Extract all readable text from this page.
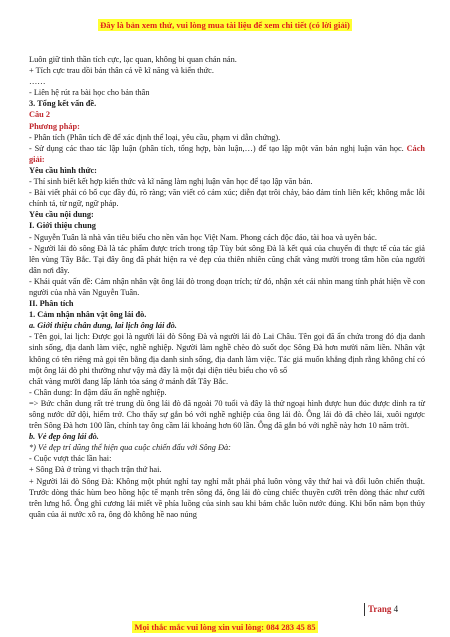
Đây là bản xem thử, vui lòng mua tài liệu để xem chi tiết (có lời giải)

Luôn giữ tinh thần tích cực, lạc quan, không bi quan chán nản.

+ Tích cực trau dồi bản thân cả về kĩ năng và kiến thức.

……

- Liên hệ rút ra bài học cho bản thân

3. Tổng kết vấn đề.

Câu 2

Phương pháp:

- Phân tích (Phân tích đề để xác định thể loại, yêu cầu, phạm vi dẫn chứng).

- Sử dụng các thao tác lập luận (phân tích, tổng hợp, bàn luận,…) để tạo lập một văn bản nghị luận văn học. Cách giải:

Yêu cầu hình thức:

- Thí sinh biết kết hợp kiến thức và kĩ năng làm nghị luận văn học để tạo lập văn bản.

- Bài viết phải có bố cục đầy đủ, rõ ràng; văn viết có cảm xúc; diễn đạt trôi chảy, bảo đảm tính liên kết; không mắc lỗi chính tả, từ ngữ, ngữ pháp.

Yêu cầu nội dung:

I. Giới thiệu chung

- Nguyễn Tuân là nhà văn tiêu biểu cho nền văn học Việt Nam. Phong cách độc đáo, tài hoa và uyên bác.

- Người lái đò sông Đà là tác phẩm được trích trong tập Tùy bút sông Đà là kết quả của chuyến đi thực tế của tác giả lên vùng Tây Bắc. Tại đây ông đã phát hiện ra vẻ đẹp của thiên nhiên cũng chất vàng mười trong tâm hồn của người dân nơi đây.

- Khái quát vấn đề: Cảm nhận nhân vật ông lái đò trong đoạn trích; từ đó, nhận xét cái nhìn mang tính phát hiện về con người của nhà văn Nguyễn Tuân.

II. Phân tích

1. Cảm nhận nhân vật ông lái đò.

a. Giới thiệu chân dung, lai lịch ông lái đò.

- Tên gọi, lai lịch: Được gọi là người lái đò Sông Đà và người lái đò Lai Châu. Tên gọi đã ẩn chứa trong đó địa danh sinh sống, địa danh làm việc, nghề nghiệp. Người làm nghề chèo đò suốt dọc Sông Đà hơn mười năm liền. Nhân vật không có tên riêng mà gọi tên bằng địa danh sinh sống, địa danh làm việc. Tác giả muốn khẳng định rằng không chỉ có một ông lái đò phi thường như vậy mà đây là một đại diện tiêu biểu cho vô số

chất vàng mười đang lấp lánh tỏa sáng ở mảnh đất Tây Bắc.

- Chân dung: In đậm dấu ấn nghề nghiệp.

=> Bức chân dung rất trẻ trung dù ông lái đò đã ngoài 70 tuổi và đây là thử ngoại hình được hun đúc được dinh ra từ sông nước dữ dội, hiểm trở. Cho thấy sự gắn bó với nghề nghiệp của ông lái đò. Ông lái đò đã chèo lái, xuôi ngược trên Sông Đà hơn 100 lần, chính tay ông cầm lái khoảng hơn 60 lần. Ông đã gắn bó với nghề này hơn 10 năm trời.

b. Vẻ đẹp ông lái đò.

*) Vẻ đẹp trí dũng thể hiện qua cuộc chiến đấu với Sông Đà:

- Cuộc vượt thác lần hai:

+ Sông Đà ở trùng vi thạch trận thứ hai.

+ Người lái đò Sông Đà: Không một phút nghỉ tay nghỉ mắt phải phá luôn vòng vây thứ hai và đổi luôn chiến thuật. Trước dòng thác hùm beo hồng hộc tế mạnh trên sông đá, ông lái đò cùng chiếc thuyền cưỡi trên dòng thác như cưỡi trên lưng hổ. Ông ghì cương lái miết về phía luồng của sinh sau khi bám chắc luồn nước đúng. Khi bốn năm bọn thủy quân của ải nước xô ra, ông đò không hề nao núng

Trang 4
Mọi thắc mắc vui lòng xin vui lòng: 084 283 45 85
